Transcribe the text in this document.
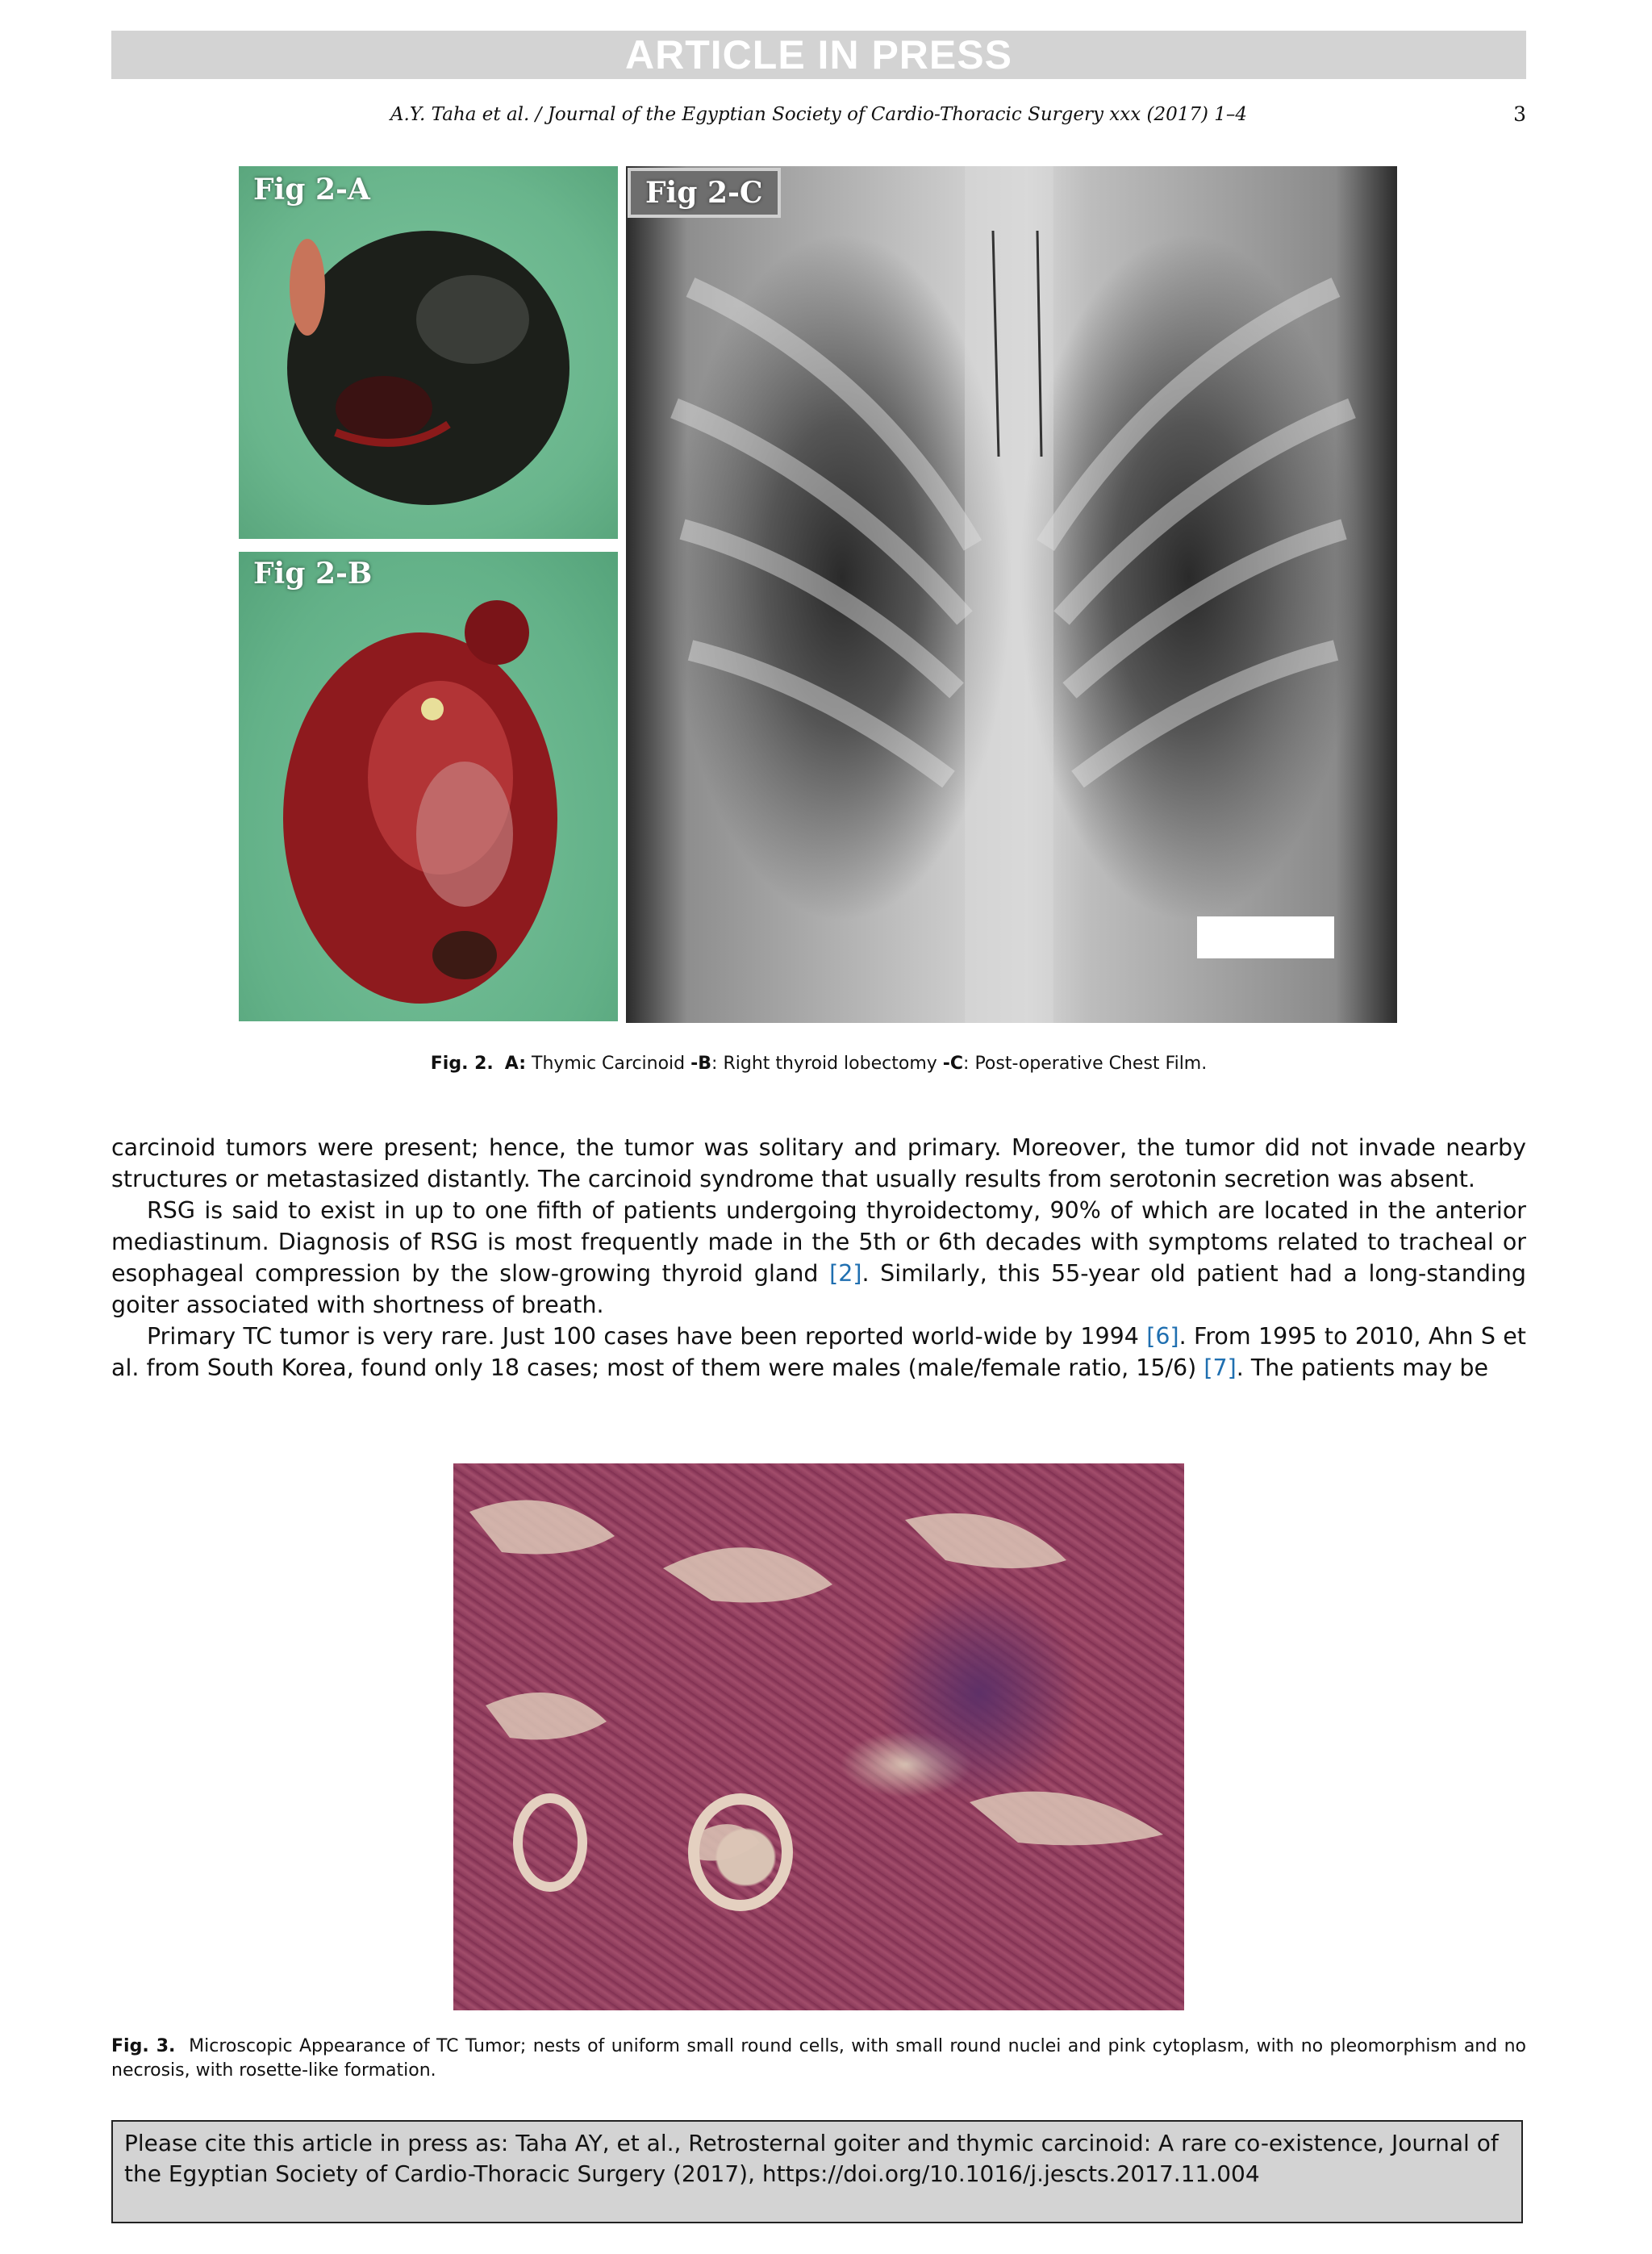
ARTICLE IN PRESS
A.Y. Taha et al. / Journal of the Egyptian Society of Cardio-Thoracic Surgery xxx (2017) 1–4	3
Fig 2-A
Fig 2-B
Fig 2-C
Fig. 2. A: Thymic Carcinoid -B: Right thyroid lobectomy -C: Post-operative Chest Film.

carcinoid tumors were present; hence, the tumor was solitary and primary. Moreover, the tumor did not invade nearby structures or metastasized distantly. The carcinoid syndrome that usually results from serotonin secretion was absent.

RSG is said to exist in up to one fifth of patients undergoing thyroidectomy, 90% of which are located in the anterior mediastinum. Diagnosis of RSG is most frequently made in the 5th or 6th decades with symptoms related to tracheal or esophageal compression by the slow-growing thyroid gland [2]. Similarly, this 55-year old patient had a long-standing goiter associated with shortness of breath.

Primary TC tumor is very rare. Just 100 cases have been reported world-wide by 1994 [6]. From 1995 to 2010, Ahn S et al. from South Korea, found only 18 cases; most of them were males (male/female ratio, 15/6) [7]. The patients may be

Fig. 3. Microscopic Appearance of TC Tumor; nests of uniform small round cells, with small round nuclei and pink cytoplasm, with no pleomorphism and no necrosis, with rosette-like formation.
Please cite this article in press as: Taha AY, et al., Retrosternal goiter and thymic carcinoid: A rare co-existence, Journal of the Egyptian Society of Cardio-Thoracic Surgery (2017), https://doi.org/10.1016/j.jescts.2017.11.004
